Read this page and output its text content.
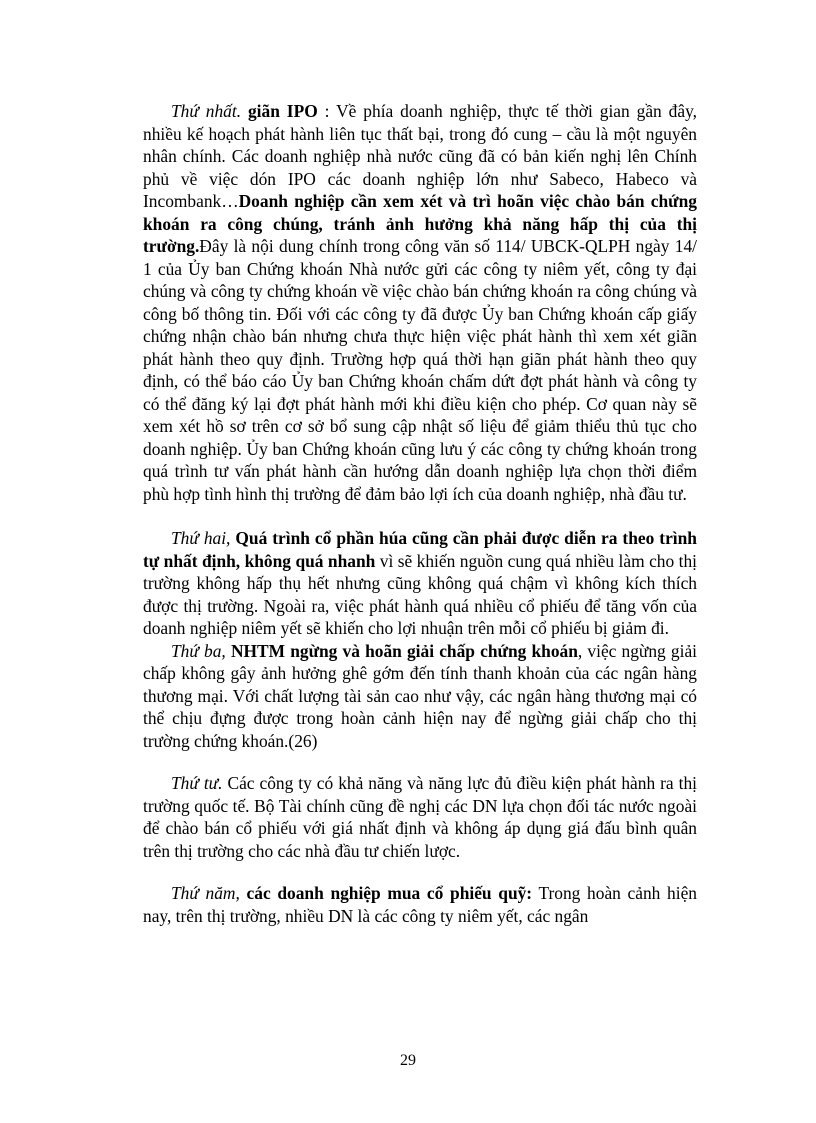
Thứ nhất. giãn IPO : Về phía doanh nghiệp, thực tế thời gian gần đây, nhiều kế hoạch phát hành liên tục thất bại, trong đó cung – cầu là một nguyên nhân chính. Các doanh nghiệp nhà nước cũng đã có bản kiến nghị lên Chính phủ về việc dón IPO các doanh nghiệp lớn như Sabeco, Habeco và Incombank…Doanh nghiệp cần xem xét và trì hoãn việc chào bán chứng khoán ra công chúng, tránh ảnh hưởng khả năng hấp thị của thị trường.Đây là nội dung chính trong công văn số 114/ UBCK-QLPH ngày 14/ 1 của Ủy ban Chứng khoán Nhà nước gửi các công ty niêm yết, công ty đại chúng và công ty chứng khoán về việc chào bán chứng khoán ra công chúng và công bố thông tin. Đối với các công ty đã được Ủy ban Chứng khoán cấp giấy chứng nhận chào bán nhưng chưa thực hiện việc phát hành thì xem xét giãn phát hành theo quy định. Trường hợp quá thời hạn giãn phát hành theo quy định, có thể báo cáo Ủy ban Chứng khoán chấm dứt đợt phát hành và công ty có thể đăng ký lại đợt phát hành mới khi điều kiện cho phép. Cơ quan này sẽ xem xét hồ sơ trên cơ sở bổ sung cập nhật số liệu để giảm thiểu thủ tục cho doanh nghiệp. Ủy ban Chứng khoán cũng lưu ý các công ty chứng khoán trong quá trình tư vấn phát hành cần hướng dẫn doanh nghiệp lựa chọn thời điểm phù hợp tình hình thị trường để đảm bảo lợi ích của doanh nghiệp, nhà đầu tư.

Thứ hai, Quá trình cổ phần húa cũng cần phải được diễn ra theo trình tự nhất định, không quá nhanh vì sẽ khiến nguồn cung quá nhiều làm cho thị trường không hấp thụ hết nhưng cũng không quá chậm vì không kích thích được thị trường. Ngoài ra, việc phát hành quá nhiều cổ phiếu để tăng vốn của doanh nghiệp niêm yết sẽ khiến cho lợi nhuận trên mỗi cổ phiếu bị giảm đi.

Thứ ba, NHTM ngừng và hoãn giải chấp chứng khoán, việc ngừng giải chấp không gây ảnh hưởng ghê gớm đến tính thanh khoản của các ngân hàng thương mại. Với chất lượng tài sản cao như vậy, các ngân hàng thương mại có thể chịu đựng được trong hoàn cảnh hiện nay để ngừng giải chấp cho thị trường chứng khoán.(26)

Thứ tư. Các công ty có khả năng và năng lực đủ điều kiện phát hành ra thị trường quốc tế. Bộ Tài chính cũng đề nghị các DN lựa chọn đối tác nước ngoài để chào bán cổ phiếu với giá nhất định và không áp dụng giá đấu bình quân trên thị trường cho các nhà đầu tư chiến lược.

Thứ năm, các doanh nghiệp mua cổ phiếu quỹ: Trong hoàn cảnh hiện nay, trên thị trường, nhiều DN là các công ty niêm yết, các ngân

29
